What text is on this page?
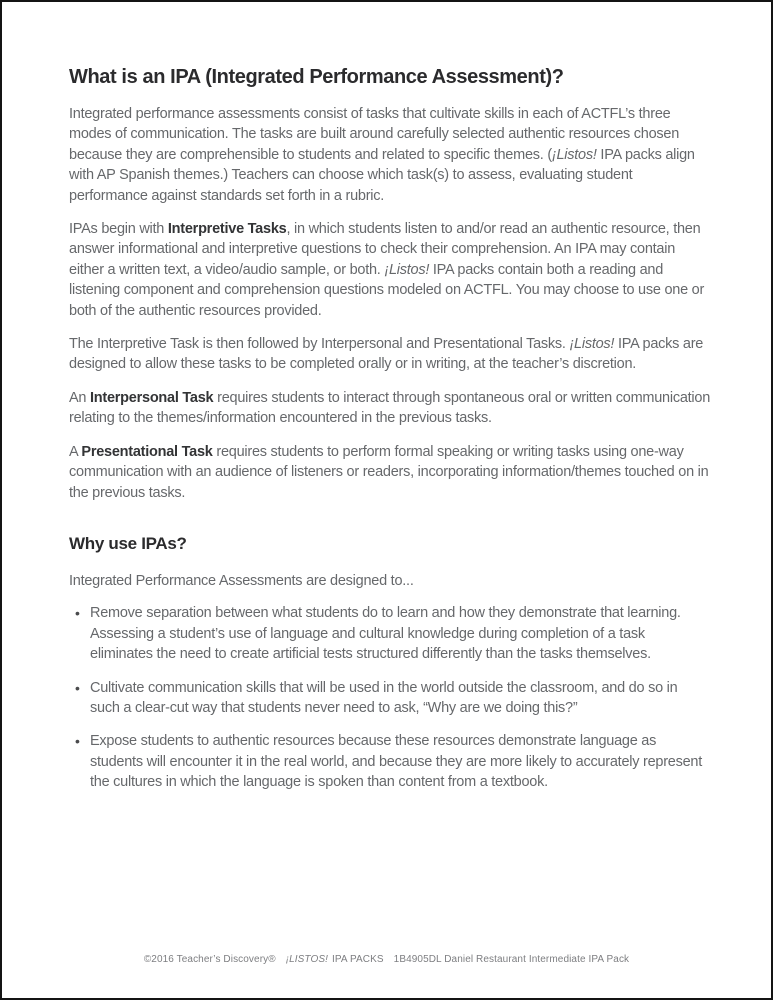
What is an IPA (Integrated Performance Assessment)?

Integrated performance assessments consist of tasks that cultivate skills in each of ACTFL’s three modes of communication. The tasks are built around carefully selected authentic resources chosen because they are comprehensible to students and related to specific themes. (¡Listos! IPA packs align with AP Spanish themes.) Teachers can choose which task(s) to assess, evaluating student performance against standards set forth in a rubric.

IPAs begin with Interpretive Tasks, in which students listen to and/or read an authentic resource, then answer informational and interpretive questions to check their comprehension. An IPA may contain either a written text, a video/audio sample, or both. ¡Listos! IPA packs contain both a reading and listening component and comprehension questions modeled on ACTFL. You may choose to use one or both of the authentic resources provided.

The Interpretive Task is then followed by Interpersonal and Presentational Tasks. ¡Listos! IPA packs are designed to allow these tasks to be completed orally or in writing, at the teacher’s discretion.

An Interpersonal Task requires students to interact through spontaneous oral or written communication relating to the themes/information encountered in the previous tasks.

A Presentational Task requires students to perform formal speaking or writing tasks using one-way communication with an audience of listeners or readers, incorporating information/themes touched on in the previous tasks.

Why use IPAs?

Integrated Performance Assessments are designed to...

• Remove separation between what students do to learn and how they demonstrate that learning. Assessing a student’s use of language and cultural knowledge during completion of a task eliminates the need to create artificial tests structured differently than the tasks themselves.
• Cultivate communication skills that will be used in the world outside the classroom, and do so in such a clear-cut way that students never need to ask, “Why are we doing this?”
• Expose students to authentic resources because these resources demonstrate language as students will encounter it in the real world, and because they are more likely to accurately represent the cultures in which the language is spoken than content from a textbook.
©2016 Teacher’s Discovery® ¡LISTOS! IPA PACKS 1B4905DL Daniel Restaurant Intermediate IPA Pack
